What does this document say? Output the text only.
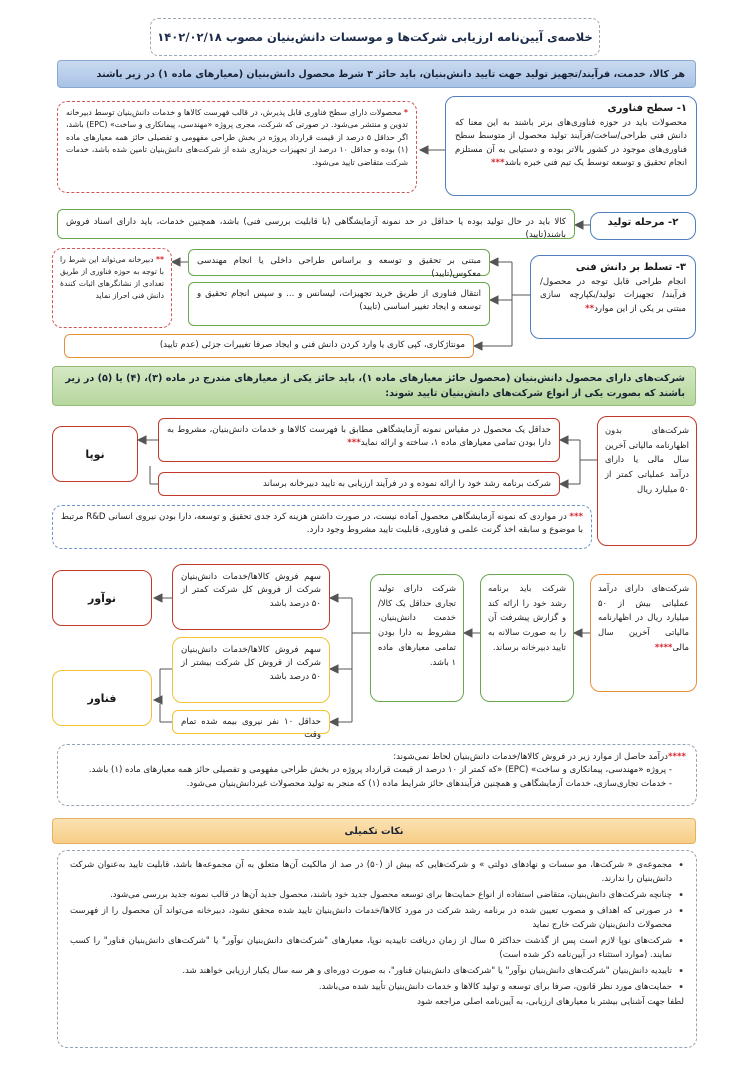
خلاصه‌ی آیین‌نامه ارزیابی شرکت‌ها و موسسات دانش‌بنیان مصوب ۱۴۰۲/۰۲/۱۸
هر کالا، خدمت، فرآیند/تجهیز تولید جهت تایید دانش‌بنیان، باید حائز ۳ شرط محصول دانش‌بنیان (معیارهای ماده ۱) در زیر باشند
۱- سطح فناوری
محصولات باید در حوزه فناوری‌های برتر باشند به این معنا که دانش فنی طراحی/ساخت/فرآیند تولید محصول از متوسط سطح فناوری‌های موجود در کشور بالاتر بوده و دستیابی به آن مستلزم انجام تحقیق و توسعه توسط یک تیم فنی خبره باشد***
* محصولات دارای سطح فناوری قابل پذیرش، در قالب فهرست کالاها و خدمات دانش‌بنیان توسط دبیرخانه تدوین و منتشر می‌شود. در صورتی که شرکت، مجری پروژه «مهندسی، پیمانکاری و ساخت» (EPC) باشد، اگر حداقل ۵ درصد از قیمت قرارداد پروژه در بخش طراحی مفهومی و تفصیلی حائز همه معیارهای ماده (۱) بوده و حداقل ۱۰ درصد از تجهیزات خریداری شده از شرکت‌های دانش‌بنیان تامین شده باشد، خدمات شرکت متقاضی تایید می‌شود.
۲- مرحله تولید
کالا باید در حال تولید بوده یا حداقل در حد نمونه آزمایشگاهی (با قابلیت بررسی فنی) باشد، همچنین خدمات، باید دارای اسناد فروش باشند(تایید)
۳- تسلط بر دانش فنی
انجام طراحی قابل توجه در محصول/ فرآیند/ تجهیزات تولید/یکپارچه سازی مبتنی بر یکی از این موارد**
مبتنی بر تحقیق و توسعه و براساس طراحی داخلی یا انجام مهندسی معکوس(تایید)
انتقال فناوری از طریق خرید تجهیزات، لیسانس و ... و سپس انجام تحقیق و توسعه و ایجاد تغییر اساسی (تایید)
مونتاژکاری، کپی کاری یا وارد کردن دانش فنی و ایجاد صرفا تغییرات جزئی (عدم تایید)
** دبیرخانه می‌تواند این شرط را با توجه به حوزه فناوری از طریق تعدادی از نشانگرهای اثبات کنندهٔ دانش فنی احراز نماید
شرکت‌های دارای محصول دانش‌بنیان (محصول حائز معیارهای ماده ۱)، باید حائز یکی از معیارهای مندرج در ماده (۳)، (۴) یا (۵) در زیر باشند که بصورت یکی از انواع شرکت‌های دانش‌بنیان تایید شوند:
شرکت‌های بدون اظهارنامه مالیاتی آخرین سال مالی یا دارای درآمد عملیاتی کمتر از ۵۰ میلیارد ریال
حداقل یک محصول در مقیاس نمونه آزمایشگاهی مطابق با فهرست کالاها و خدمات دانش‌بنیان، مشروط به دارا بودن تمامی معیارهای ماده ۱، ساخته و ارائه نماید***
شرکت برنامه رشد خود را ارائه نموده و در فرآیند ارزیابی به تایید دبیرخانه برساند
نوپا
*** در مواردی که نمونه آزمایشگاهی محصول آماده نیست، در صورت داشتن هزینه کرد جدی تحقیق و توسعه، دارا بودن نیروی انسانی R&D مرتبط با موضوع و سابقه اخذ گرنت علمی و فناوری، قابلیت تایید مشروط وجود دارد.
شرکت‌های دارای درآمد عملیاتی بیش از ۵۰ میلیارد ریال در اظهارنامه مالیاتی آخرین سال مالی****
شرکت باید برنامه رشد خود را ارائه کند و گزارش پیشرفت آن را به صورت سالانه به تایید دبیرخانه برساند.
شرکت دارای تولید تجاری حداقل یک کالا/خدمت دانش‌بنیان، مشروط به دارا بودن تمامی معیارهای ماده ۱ باشد.
سهم فروش کالاها/خدمات دانش‌بنیان شرکت از فروش کل شرکت کمتر از ۵۰ درصد باشد
سهم فروش کالاها/خدمات دانش‌بنیان شرکت از فروش کل شرکت بیشتر از ۵۰ درصد باشد
حداقل ۱۰ نفر نیروی بیمه شده تمام وقت
نوآور
فناور
****درآمد حاصل از موارد زیر در فروش کالاها/خدمات دانش‌بنیان لحاظ نمی‌شوند:
- پروژه «مهندسی، پیمانکاری و ساخت» (EPC) «که کمتر از ۱۰ درصد از قیمت قرارداد پروژه در بخش طراحی مفهومی و تفصیلی حائز همه معیارهای ماده (۱) باشد.
- خدمات تجاری‌سازی، خدمات آزمایشگاهی و همچنین فرآیندهای حائز شرایط ماده (۱) که منجر به تولید محصولات غیردانش‌بنیان می‌شود.
نکات تکمیلی
• مجموعه‌ی « شرکت‌ها، مو سسات و نهادهای دولتی » و شرکت‌هایی که بیش از (۵۰) در صد از مالکیت آن‌ها متعلق به آن مجموعه‌ها باشد، قابلیت تایید به‌عنوان شرکت دانش‌بنیان را ندارند.
• چنانچه شرکت‌های دانش‌بنیان، متقاضی استفاده از انواع حمایت‌ها برای توسعه محصول جدید خود باشند، محصول جدید آن‌ها در قالب نمونه جدید بررسی می‌شود.
• در صورتی که اهداف و مصوب تعیین شده در برنامه رشد شرکت در مورد کالاها/خدمات دانش‌بنیان تایید شده محقق نشود، دبیرخانه می‌تواند آن محصول را از فهرست محصولات دانش‌بنیان شرکت خارج نماید
• شرکت‌های نوپا لازم است پس از گذشت حداکثر ۵ سال از زمان دریافت تاییدیه نوپا، معیارهای "شرکت‌های دانش‌بنیان نوآور" یا "شرکت‌های دانش‌بنیان فناور" را کسب نمایند. (موارد استثناء در آیین‌نامه ذکر شده است)
• تاییدیه دانش‌بنیان "شرکت‌های دانش‌بنیان نوآور" یا "شرکت‌های دانش‌بنیان فناور"، به صورت دوره‌ای و هر سه سال یکبار ارزیابی خواهند شد.
• حمایت‌های مورد نظر قانون، صرفا برای توسعه و تولید کالاها و خدمات دانش‌بنیان تأیید شده می‌باشد.
لطفا جهت آشنایی بیشتر با معیارهای ارزیابی، به آیین‌نامه اصلی مراجعه شود
